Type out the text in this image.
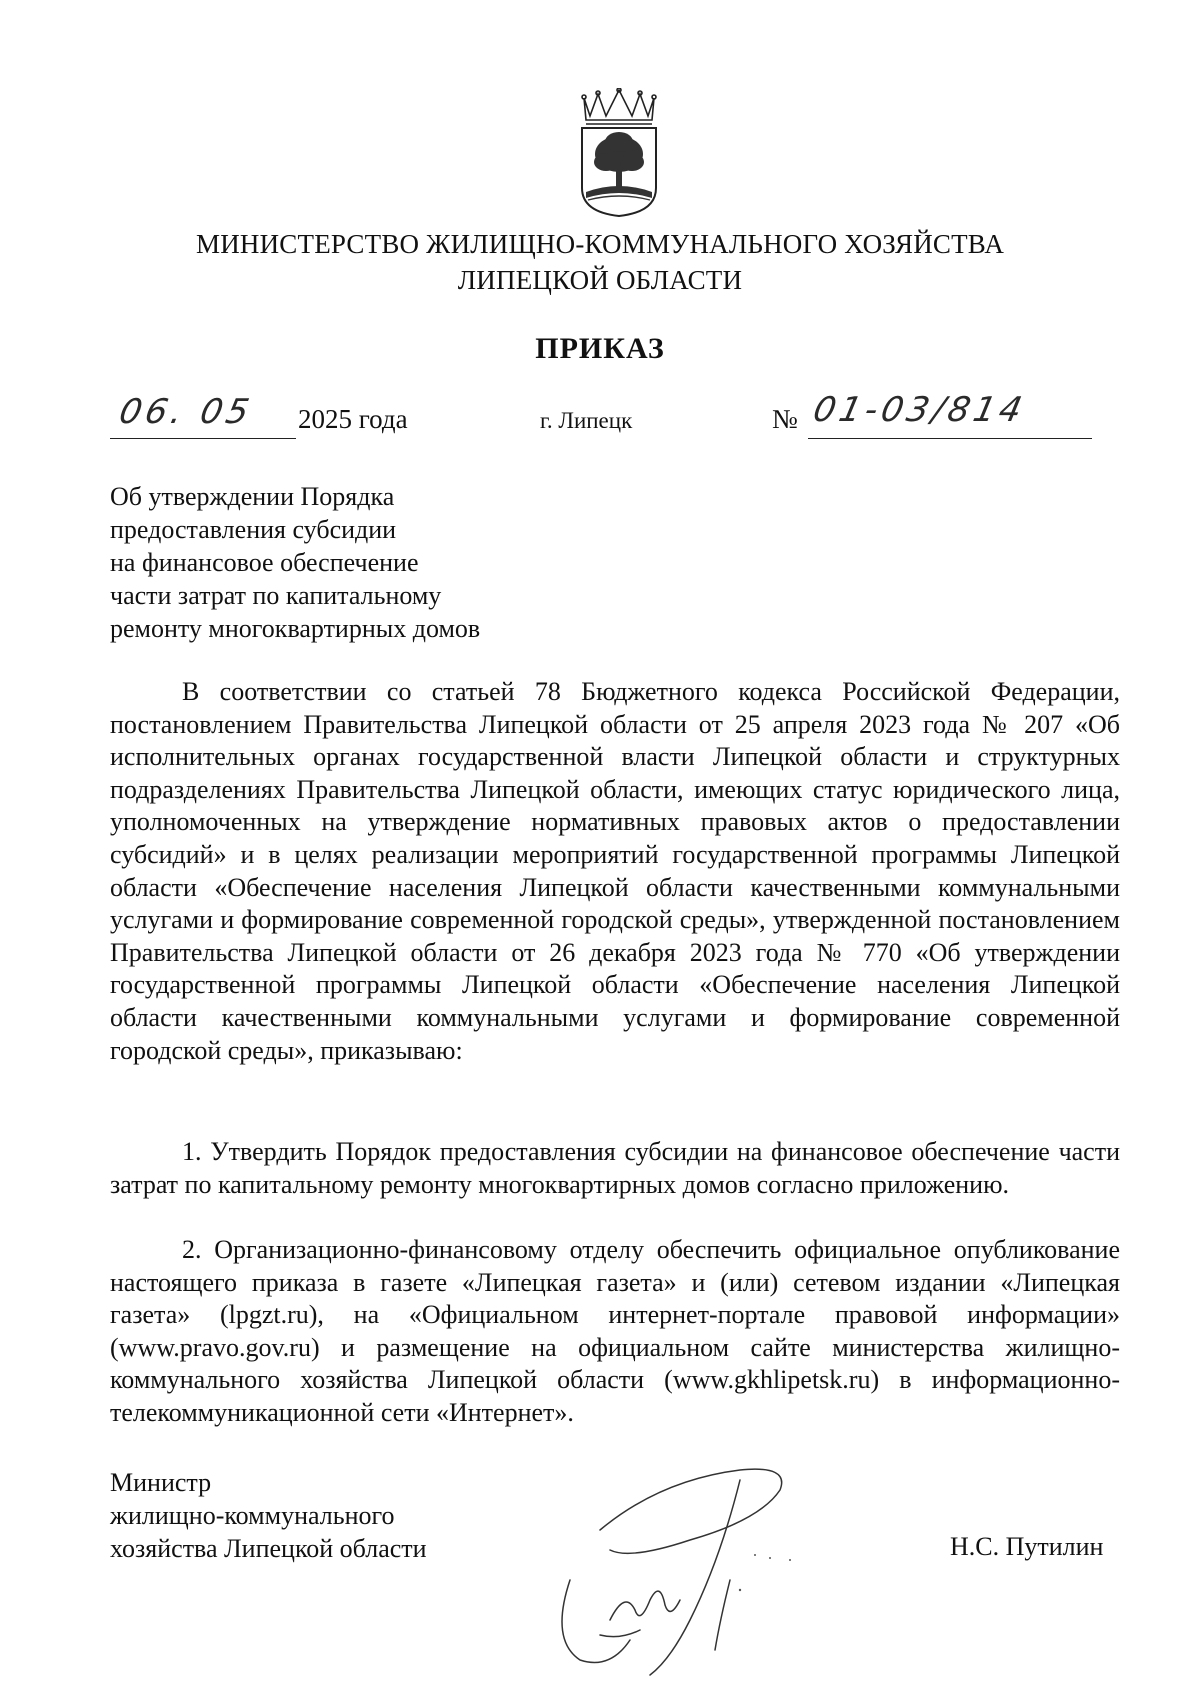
МИНИСТЕРСТВО ЖИЛИЩНО-КОММУНАЛЬНОГО ХОЗЯЙСТВА
ЛИПЕЦКОЙ ОБЛАСТИ
ПРИКАЗ
06. 05 2025 года	г. Липецк	№ 01-03/814
Об утверждении Порядка
предоставления субсидии
на финансовое обеспечение
части затрат по капитальному
ремонту многоквартирных домов
В соответствии со статьей 78 Бюджетного кодекса Российской Федерации, постановлением Правительства Липецкой области от 25 апреля 2023 года № 207 «Об исполнительных органах государственной власти Липецкой области и структурных подразделениях Правительства Липецкой области, имеющих статус юридического лица, уполномоченных на утверждение нормативных правовых актов о предоставлении субсидий» и в целях реализации мероприятий государственной программы Липецкой области «Обеспечение населения Липецкой области качественными коммунальными услугами и формирование современной городской среды», утвержденной постановлением Правительства Липецкой области от 26 декабря 2023 года № 770 «Об утверждении государственной программы Липецкой области «Обеспечение населения Липецкой области качественными коммунальными услугами и формирование современной городской среды», приказываю:
1. Утвердить Порядок предоставления субсидии на финансовое обеспечение части затрат по капитальному ремонту многоквартирных домов согласно приложению.
2. Организационно-финансовому отделу обеспечить официальное опубликование настоящего приказа в газете «Липецкая газета» и (или) сетевом издании «Липецкая газета» (lpgzt.ru), на «Официальном интернет-портале правовой информации» (www.pravo.gov.ru) и размещение на официальном сайте министерства жилищно-коммунального хозяйства Липецкой области (www.gkhlipetsk.ru) в информационно-телекоммуникационной сети «Интернет».
Министр
жилищно-коммунального
хозяйства Липецкой области	Н.С. Путилин
